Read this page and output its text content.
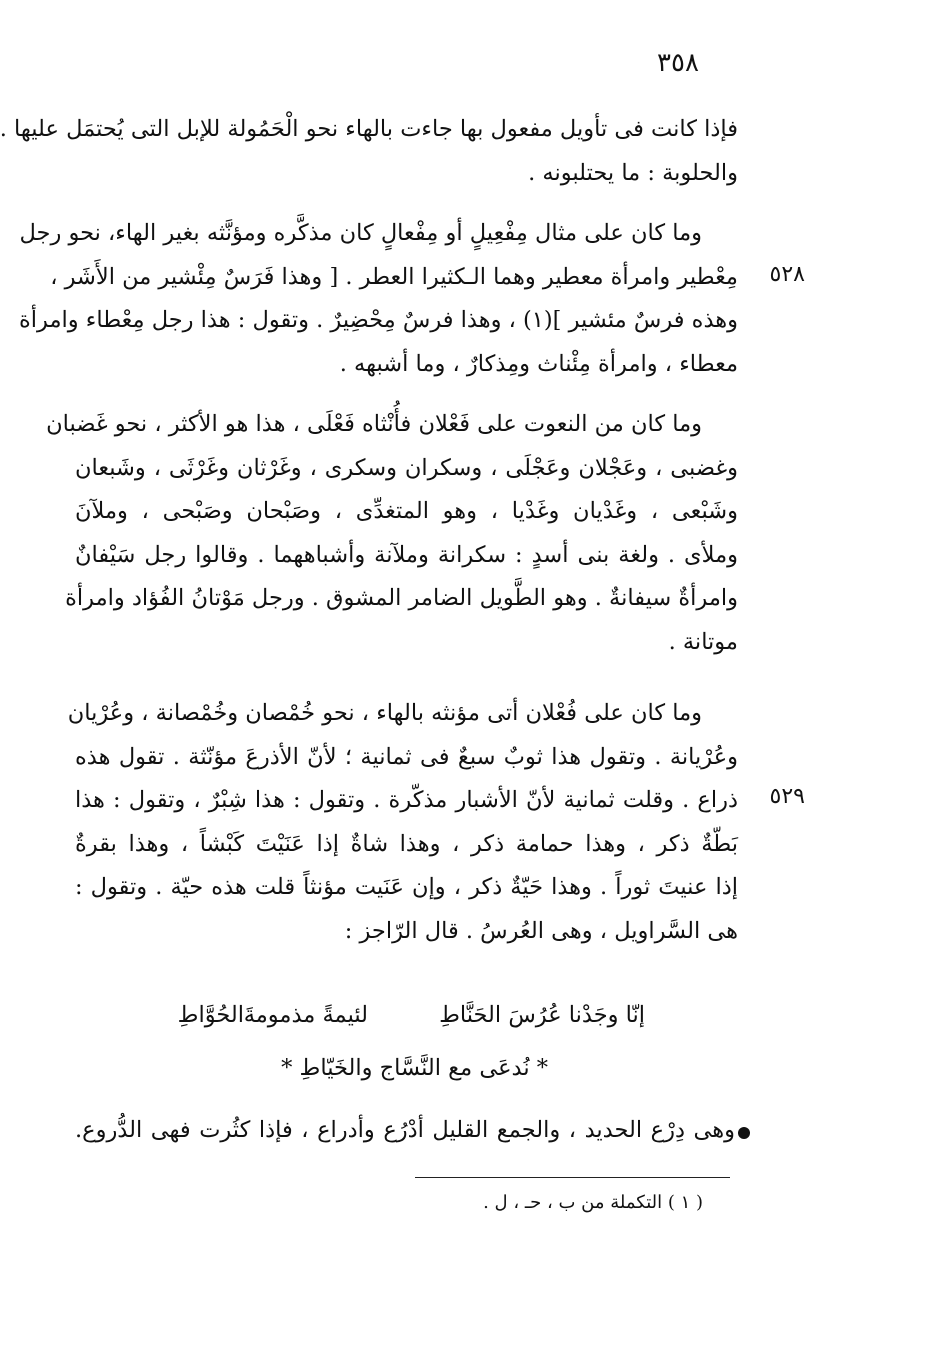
٣٥٨
فإذا كانت فى تأويل مفعول بها جاءت بالهاء نحو الْحَمُولة للإبل التى يُحتمَل عليها .
والحلوبة : ما يحتلبونه .
وما كان على مثال مِفْعِيلٍ أو مِفْعالٍ كان مذكَّره ومؤنَّثه بغير الهاء، نحو رجل
مِعْطير وامرأة معطير وهما الـكثيرا العطر . [ وهذا فَرَسٌ مِئْشير من الأَشَر ،
وهذه فرسٌ مئشير ](١) ، وهذا فرسٌ مِحْضِيرٌ . وتقول : هذا رجل مِعْطاء وامرأة
معطاء ، وامرأة مِئْناث ومِذكارٌ ، وما أشبهه .
٥٢٨
وما كان من النعوت على فَعْلان فأُنْثاه فَعْلَى ، هذا هو الأكثر ، نحو غَضبان
وغضبى ، وعَجْلان وعَجْلَى ، وسكران وسكرى ، وغَرْثان وغَرْثَى ، وشَبعان
وشَبْعى ، وغَدْيان وغَدْيا ، وهو المتغدِّى ، وصَبْحان وصَبْحى ، وملآنَ
وملأى . ولغة بنى أسدٍ : سكرانة وملآنة وأشباههما . وقالوا رجل سَيْفانٌ
وامرأةٌ سيفانةٌ . وهو الطَّويل الضامر المشوق . ورجل مَوْتانُ الفُؤاد وامرأة
موتانة .
وما كان على فُعْلان أتى مؤنثه بالهاء ، نحو خُمْصان وخُمْصانة ، وعُرْيان
وعُرْيانة . وتقول هذا ثوبٌ سبعٌ فى ثمانية ؛ لأنّ الأذرعَ مؤنّثة . تقول هذه
ذراع . وقلت ثمانية لأنّ الأشبار مذكّرة . وتقول : هذا شِبْرٌ ، وتقول : هذا
بَطّةٌ ذكر ، وهذا حمامة ذكر ، وهذا شاةٌ إذا عَنَيْتَ كَبْشاً ، وهذا بقرةٌ
إذا عنيتَ ثوراً . وهذا حَيّةٌ ذكر ، وإن عَنَيت مؤنثاً قلت هذه حيّة . وتقول :
هى السَّراويل ، وهى العُرسُ . قال الرّاجز :
٥٢٩
إنّا وجَدْنا عُرُسَ الحَنَّاطِ
لئيمةً مذمومةَ
الحُوَّاطِ
* نُدعَى مع النَّسَّاج والخَيّاطِ *
وهى دِرْع الحديد ، والجمع القليل أدْرُع وأدراع ، فإذا كثُرت فهى الدُّروع.
( ١ ) التكملة من ب ، حـ ، ل .
